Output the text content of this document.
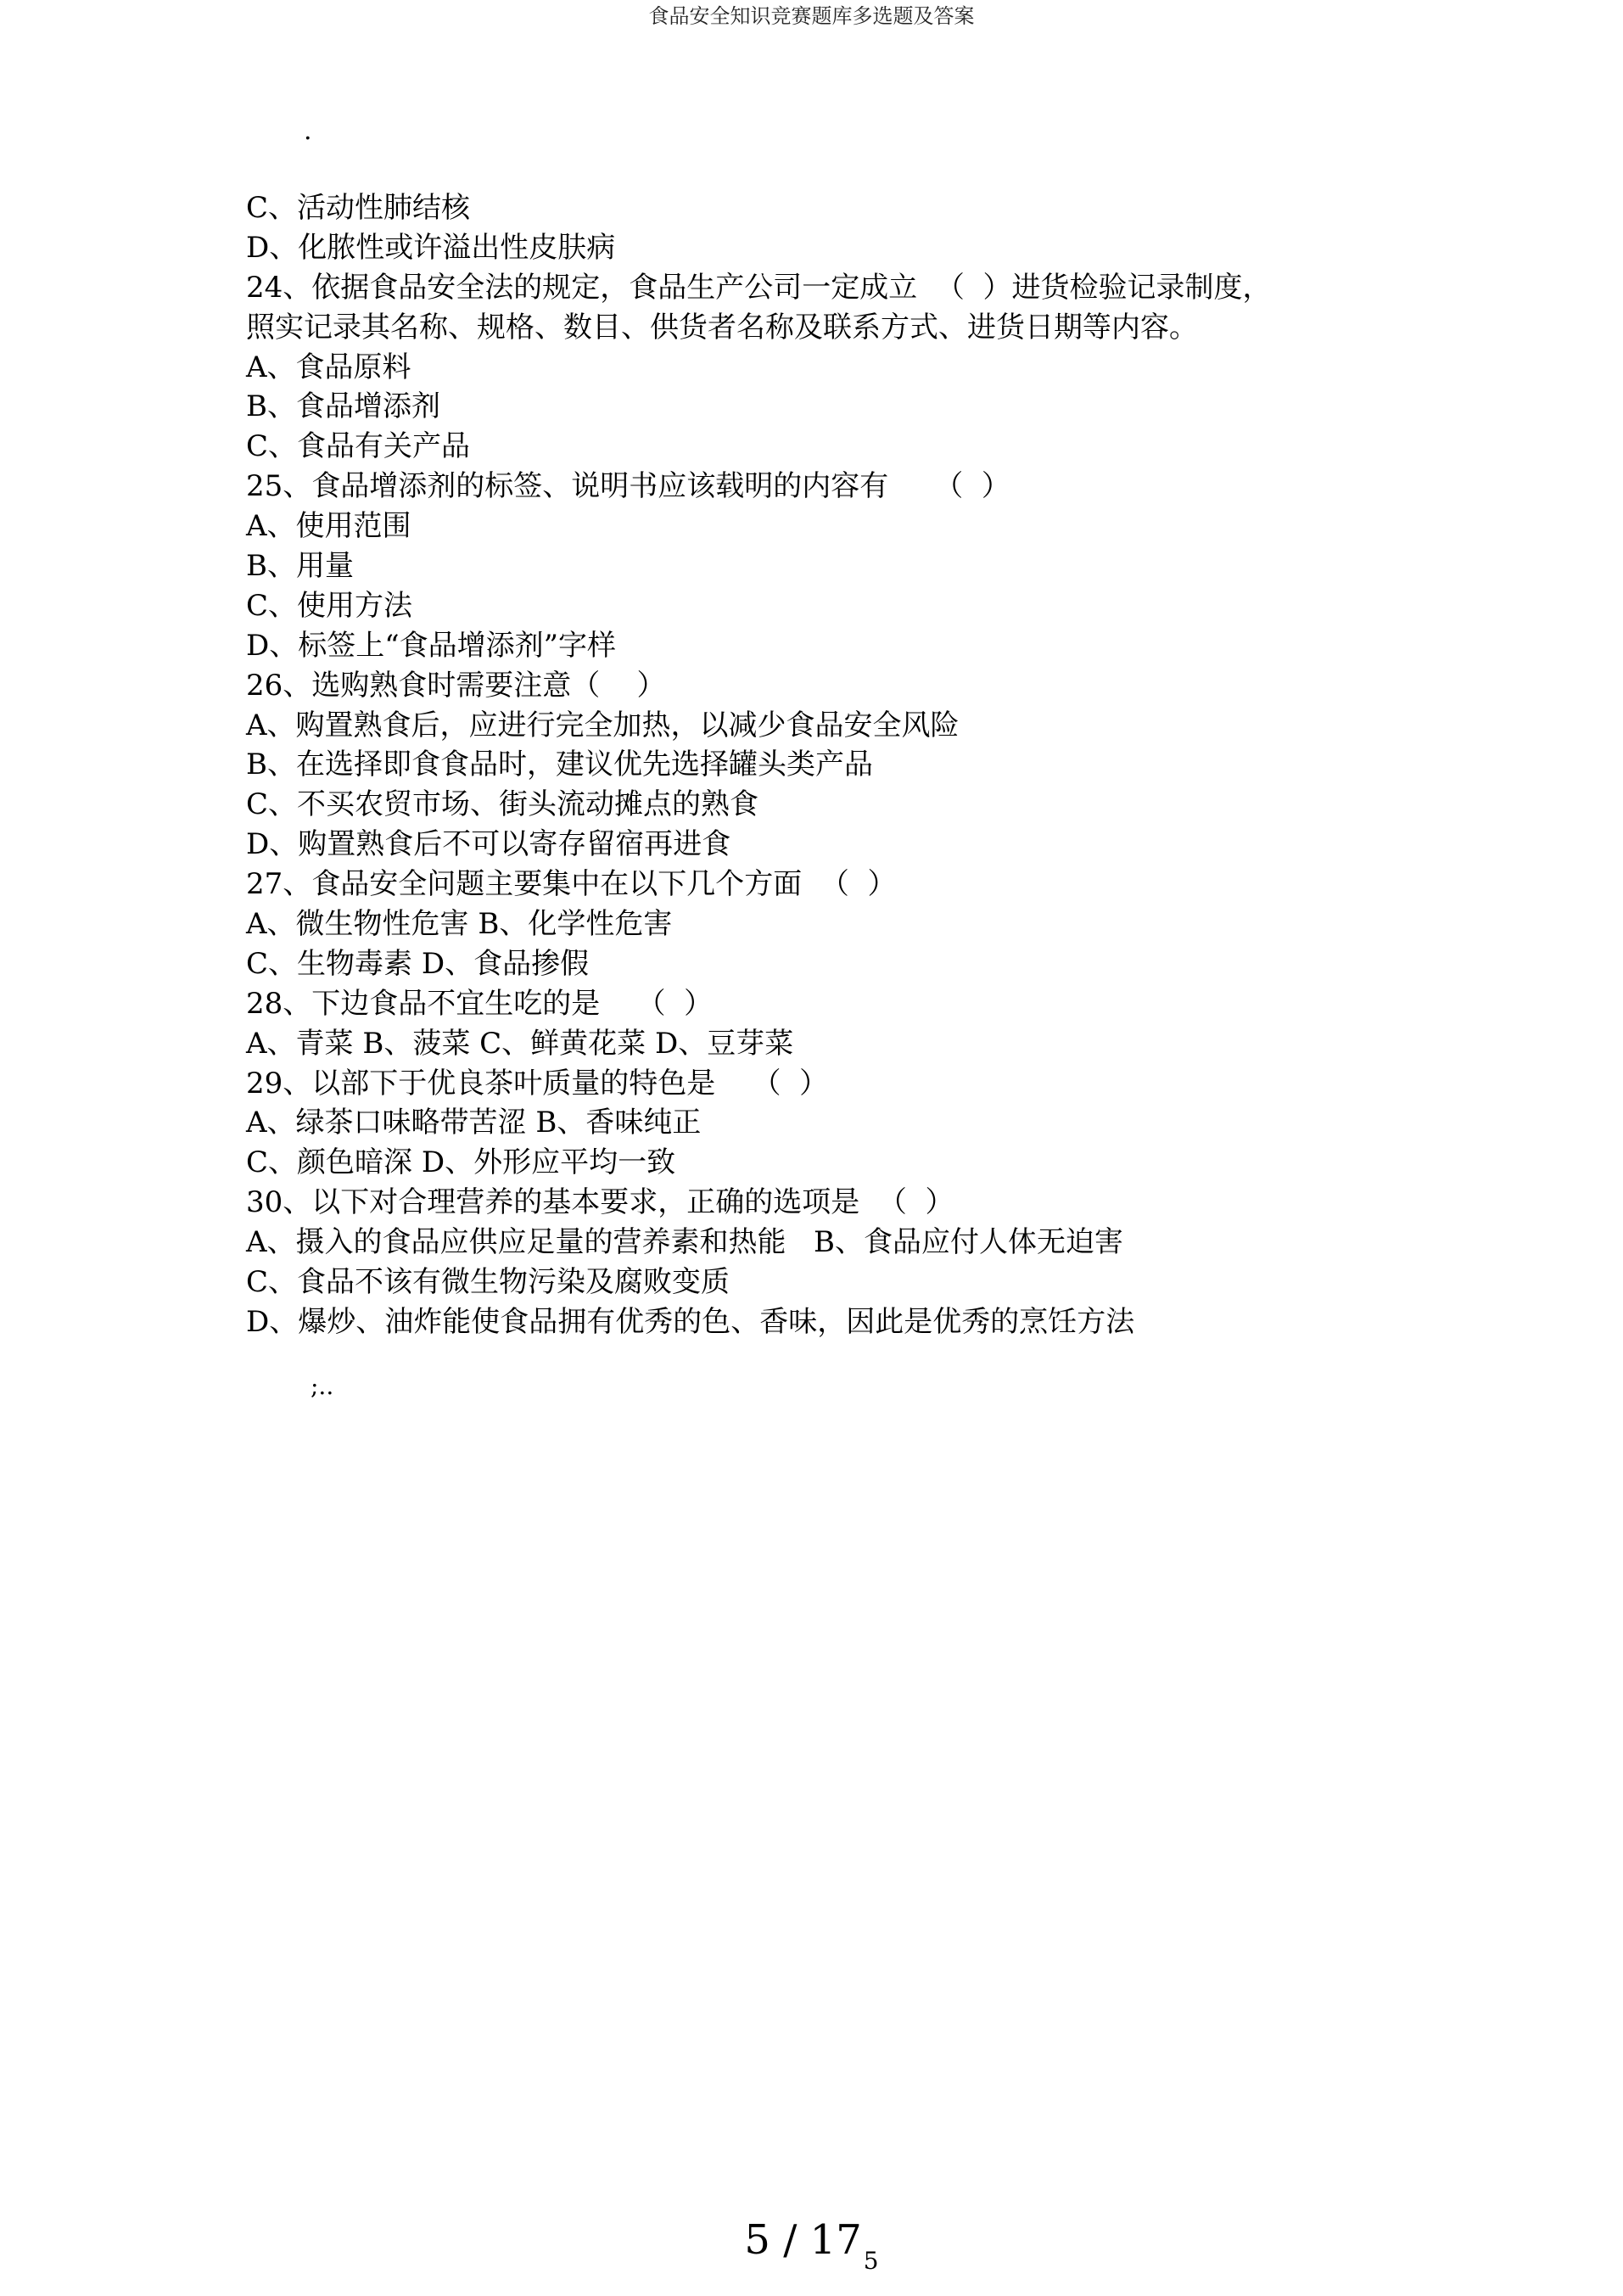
食品安全知识竞赛题库多选题及答案
.
C、活动性肺结核
D、化脓性或许溢出性皮肤病
24、依据食品安全法的规定，食品生产公司一定成立  （  ）进货检验记录制度，
照实记录其名称、规格、数目、供货者名称及联系方式、进货日期等内容。
A、食品原料
B、食品增添剂
C、食品有关产品
25、食品增添剂的标签、说明书应该载明的内容有     （  ）
A、使用范围
B、用量
C、使用方法
D、标签上“食品增添剂”字样
26、选购熟食时需要注意（    ）
A、购置熟食后，应进行完全加热，以减少食品安全风险
B、在选择即食食品时，建议优先选择罐头类产品
C、不买农贸市场、街头流动摊点的熟食
D、购置熟食后不可以寄存留宿再进食
27、食品安全问题主要集中在以下几个方面  （  ）
A、微生物性危害 B、化学性危害
C、生物毒素 D、食品掺假
28、下边食品不宜生吃的是    （  ）
A、青菜 B、菠菜 C、鲜黄花菜 D、豆芽菜
29、以部下于优良茶叶质量的特色是    （  ）
A、绿茶口味略带苦涩 B、香味纯正
C、颜色暗深 D、外形应平均一致
30、以下对合理营养的基本要求，正确的选项是  （  ）
A、摄入的食品应供应足量的营养素和热能   B、食品应付人体无迫害
C、食品不该有微生物污染及腐败变质
D、爆炒、油炸能使食品拥有优秀的色、香味，因此是优秀的烹饪方法
;..
$5 / 17_5$
